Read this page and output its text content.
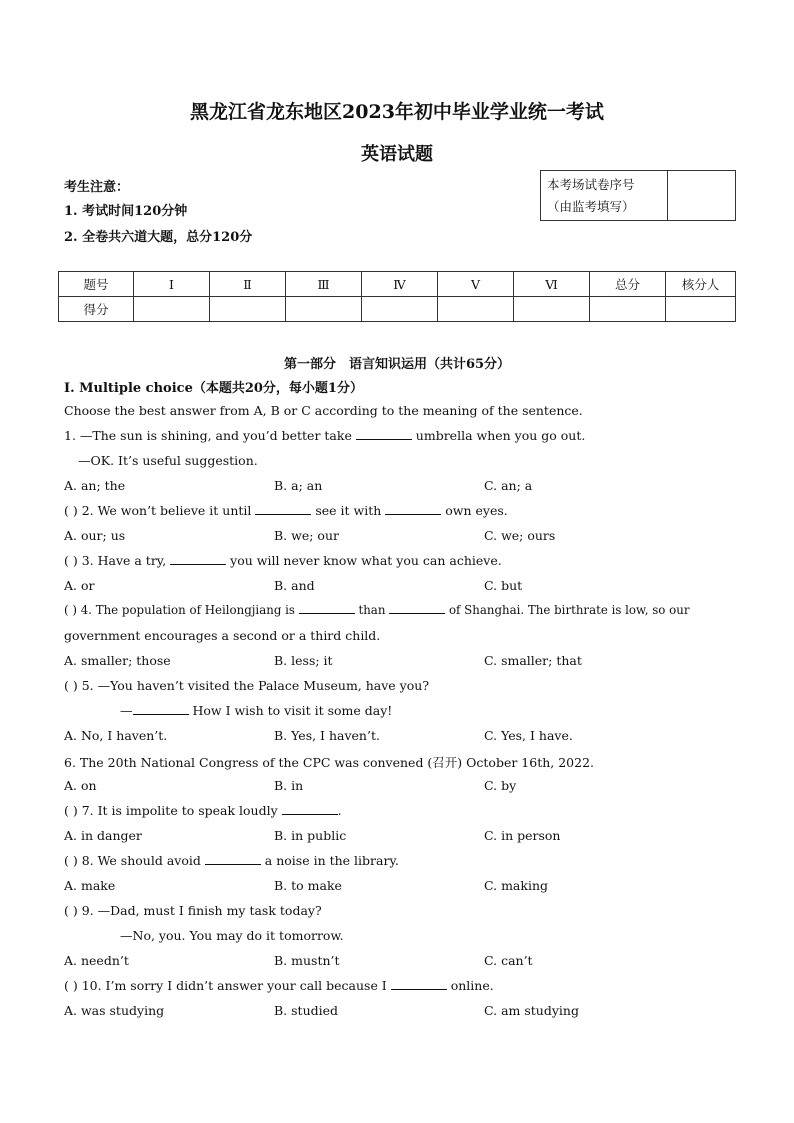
黑龙江省龙东地区2023年初中毕业学业统一考试
英语试题
考生注意：
1. 考试时间120分钟
2. 全卷共六道大题，总分120分
本考场试卷序号
（由监考填写）

题号	Ⅰ	Ⅱ	Ⅲ	Ⅳ	Ⅴ	Ⅵ	总分	核分人
得分								
第一部分　语言知识运用（共计65分）
Ⅰ. Multiple choice（本题共20分，每小题1分）
Choose the best answer from A, B or C according to the meaning of the sentence.
1. —The sun is shining, and you’d better take	umbrella when you go out.
—OK. It’s useful suggestion.
A. an; the	B. a; an	C. an; a
( ) 2. We won’t believe it until	see it with	own eyes.
A. our; us	B. we; our	C. we; ours
( ) 3. Have a try,	you will never know what you can achieve.
A. or	B. and	C. but
( ) 4. The population of Heilongjiang is	than	of Shanghai. The birthrate is low, so our
government encourages a second or a third child.
A. smaller; those	B. less; it	C. smaller; that
( ) 5. —You haven’t visited the Palace Museum, have you?
—	How I wish to visit it some day!
A. No, I haven’t.	B. Yes, I haven’t.	C. Yes, I have.
6. The 20th National Congress of the CPC was convened (召开) October 16th, 2022.
A. on	B. in	C. by
( ) 7. It is impolite to speak loudly	.
A. in danger	B. in public	C. in person
( ) 8. We should avoid	a noise in the library.
A. make	B. to make	C. making
( ) 9. —Dad, must I finish my task today?
—No, you. You may do it tomorrow.
A. needn’t	B. mustn’t	C. can’t
( ) 10. I’m sorry I didn’t answer your call because I	online.
A. was studying	B. studied	C. am studying
